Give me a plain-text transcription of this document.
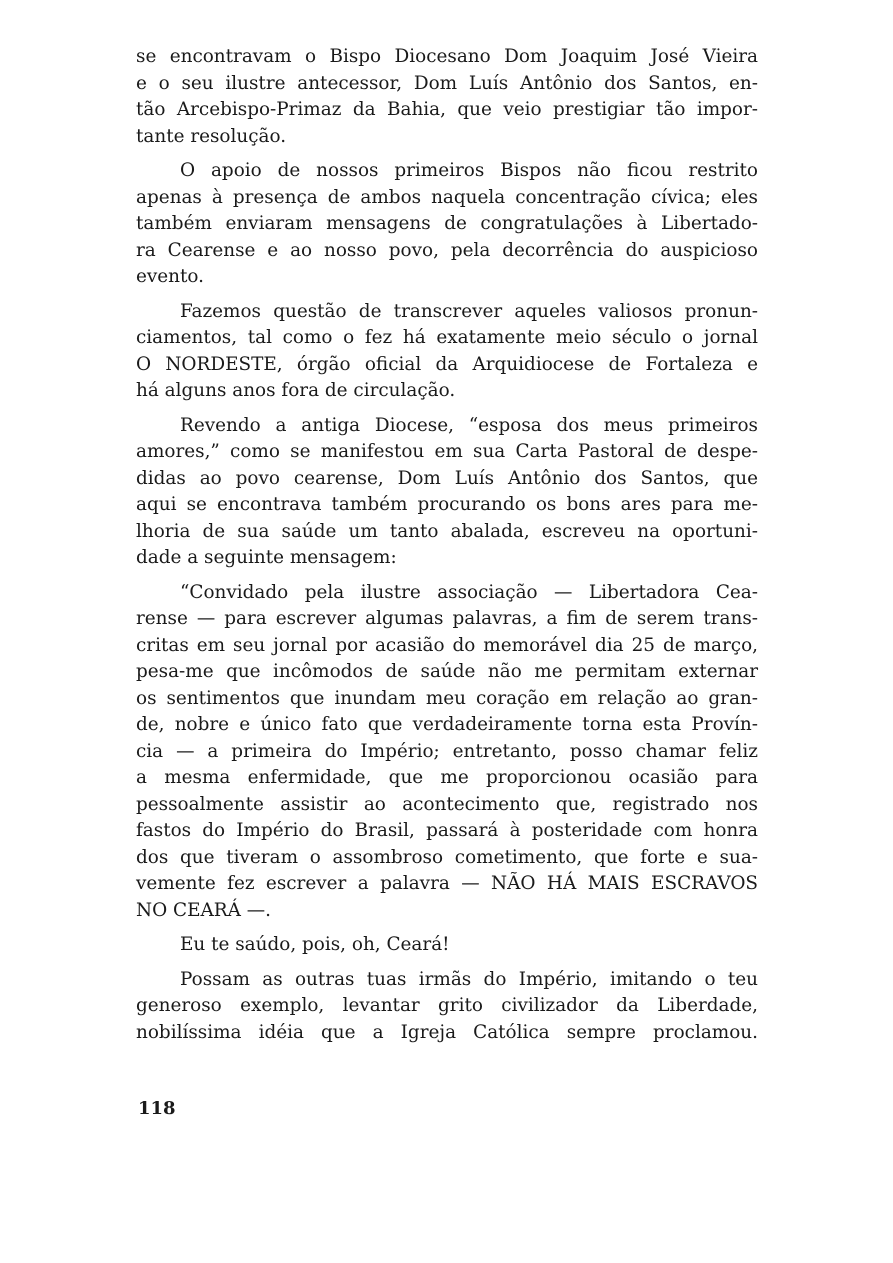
se encontravam o Bispo Diocesano Dom Joaquim José Vieira
e o seu ilustre antecessor, Dom Luís Antônio dos Santos, en-
tão Arcebispo-Primaz da Bahia, que veio prestigiar tão impor-
tante resolução.
O apoio de nossos primeiros Bispos não ficou restrito
apenas à presença de ambos naquela concentração cívica; eles
também enviaram mensagens de congratulações à Libertado-
ra Cearense e ao nosso povo, pela decorrência do auspicioso
evento.
Fazemos questão de transcrever aqueles valiosos pronun-
ciamentos, tal como o fez há exatamente meio século o jornal
O NORDESTE, órgão oficial da Arquidiocese de Fortaleza e
há alguns anos fora de circulação.
Revendo a antiga Diocese, “esposa dos meus primeiros
amores,” como se manifestou em sua Carta Pastoral de despe-
didas ao povo cearense, Dom Luís Antônio dos Santos, que
aqui se encontrava também procurando os bons ares para me-
lhoria de sua saúde um tanto abalada, escreveu na oportuni-
dade a seguinte mensagem:
“Convidado pela ilustre associação — Libertadora Cea-
rense — para escrever algumas palavras, a fim de serem trans-
critas em seu jornal por acasião do memorável dia 25 de março,
pesa-me que incômodos de saúde não me permitam externar
os sentimentos que inundam meu coração em relação ao gran-
de, nobre e único fato que verdadeiramente torna esta Provín-
cia — a primeira do Império; entretanto, posso chamar feliz
a mesma enfermidade, que me proporcionou ocasião para
pessoalmente assistir ao acontecimento que, registrado nos
fastos do Império do Brasil, passará à posteridade com honra
dos que tiveram o assombroso cometimento, que forte e sua-
vemente fez escrever a palavra — NÃO HÁ MAIS ESCRAVOS
NO CEARÁ —.
Eu te saúdo, pois, oh, Ceará!
Possam as outras tuas irmãs do Império, imitando o teu
generoso exemplo, levantar grito civilizador da Liberdade,
nobilíssima idéia que a Igreja Católica sempre proclamou.
118
